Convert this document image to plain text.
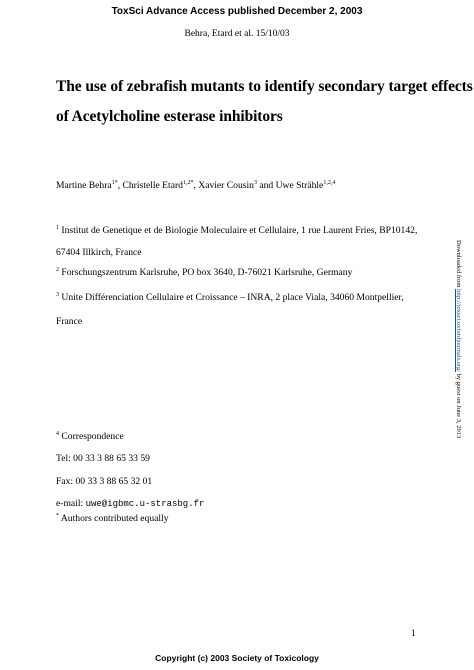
ToxSci Advance Access published December 2, 2003
Behra, Etard et al. 15/10/03
The use of zebrafish mutants to identify secondary target effects
of Acetylcholine esterase inhibitors
Martine Behra$^{1*}$, Christelle Etard$^{1,2*}$, Xavier Cousin$^3$ and Uwe Strähle$^{1,2,4}$
$^1$ Institut de Genetique et de Biologie Moleculaire et Cellulaire, 1 rue Laurent Fries, BP10142,
67404 Illkirch, France
$^2$ Forschungszentrum Karlsruhe, PO box 3640, D-76021 Karlsruhe, Germany
$^3$ Unite Différenciation Cellulaire et Croissance – INRA, 2 place Viala, 34060 Montpellier,
France
$^4$ Correspondence
Tel: 00 33 3 88 65 33 59
Fax: 00 33 3 88 65 32 01
e-mail: uwe@igbmc.u-strasbg.fr
* Authors contributed equally
1
Copyright (c) 2003 Society of Toxicology
Downloaded from http://toxsci.oxfordjournals.org/ by guest on June 3, 2013
